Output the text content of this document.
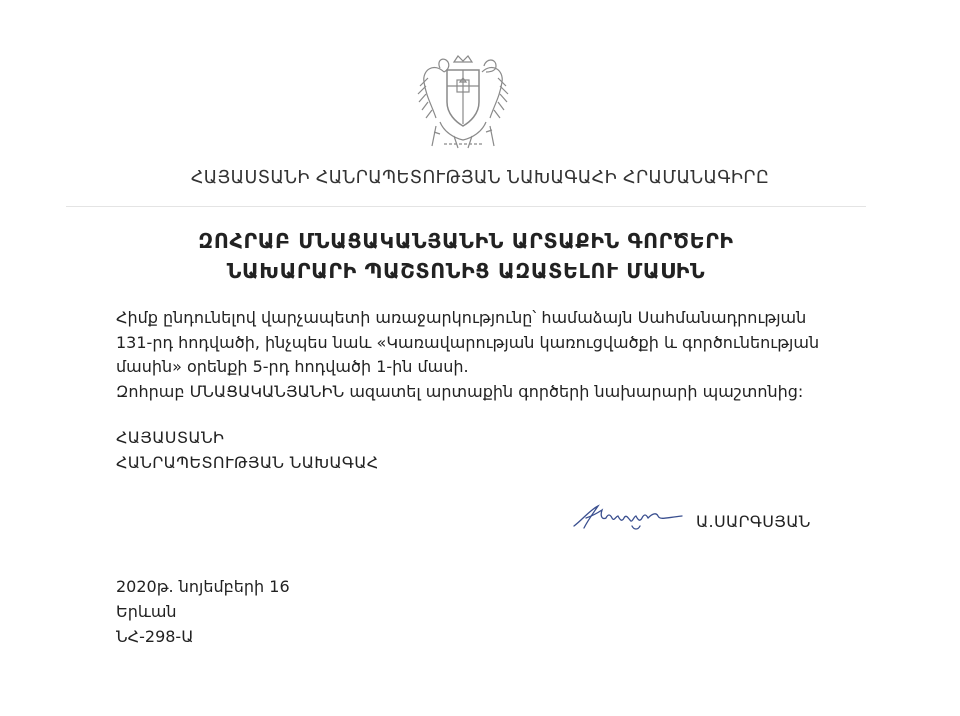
ՀԱՅԱՍՏԱՆԻ ՀԱՆՐԱՊԵՏՈՒԹՅԱՆ ՆԱԽԱԳԱՀԻ ՀՐԱՄԱՆԱԳԻՐԸ
ԶՈՀՐԱԲ ՄՆԱՑԱԿԱՆՅԱՆԻՆ ԱՐՏԱՔԻՆ ԳՈՐԾԵՐԻ
ՆԱԽԱՐԱՐԻ ՊԱՇՏՈՆԻՑ ԱԶԱՏԵԼՈՒ ՄԱՍԻՆ
Հիմք ընդունելով վարչապետի առաջարկությունը՝ համաձայն Սահմանադրության
131-րդ հոդվածի, ինչպես նաև «Կառավարության կառուցվածքի և գործունեության
մասին» օրենքի 5-րդ հոդվածի 1-ին մասի.
Զոհրաբ ՄՆԱՑԱԿԱՆՅԱՆԻՆ ազատել արտաքին գործերի նախարարի պաշտոնից:
ՀԱՅԱՍՏԱՆԻ
ՀԱՆՐԱՊԵՏՈՒԹՅԱՆ ՆԱԽԱԳԱՀ
Ա.ՍԱՐԳՍՅԱՆ
2020թ. նոյեմբերի 16
Երևան
ՆՀ-298-Ա
